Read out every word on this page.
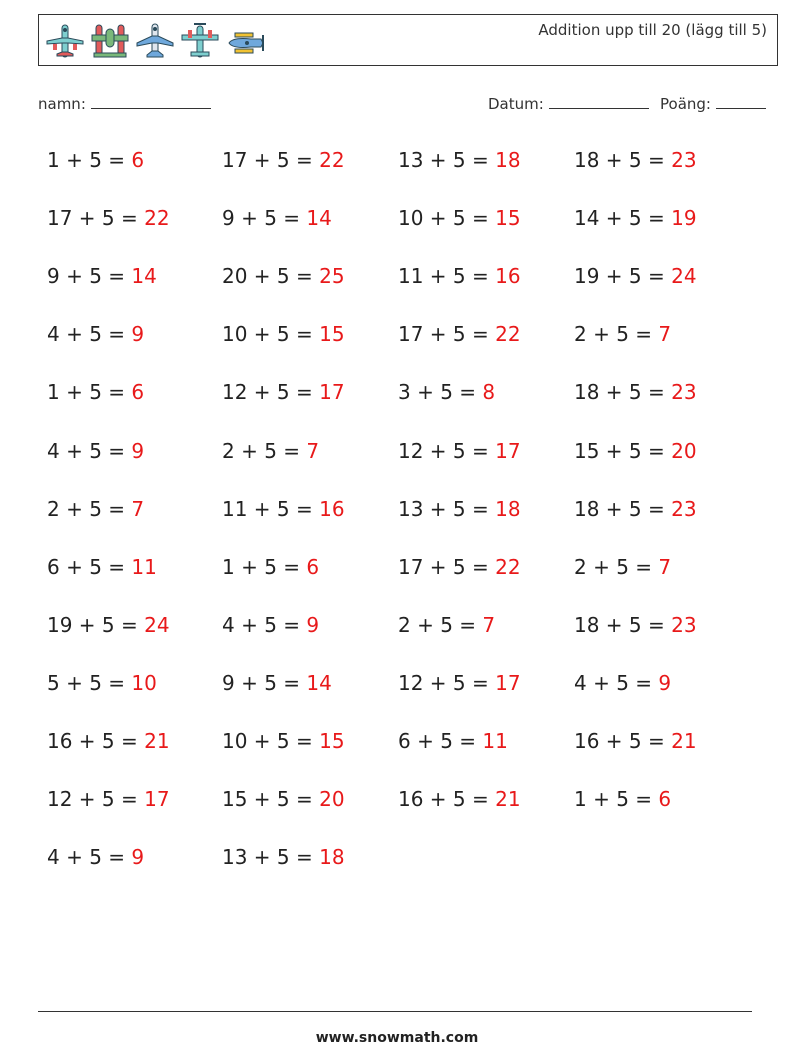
Addition upp till 20 (lägg till 5)
namn:	Datum:	Poäng:
1 + 5 = 6	17 + 5 = 22	13 + 5 = 18	18 + 5 = 23
17 + 5 = 22	9 + 5 = 14	10 + 5 = 15	14 + 5 = 19
9 + 5 = 14	20 + 5 = 25	11 + 5 = 16	19 + 5 = 24
4 + 5 = 9	10 + 5 = 15	17 + 5 = 22	2 + 5 = 7
1 + 5 = 6	12 + 5 = 17	3 + 5 = 8	18 + 5 = 23
4 + 5 = 9	2 + 5 = 7	12 + 5 = 17	15 + 5 = 20
2 + 5 = 7	11 + 5 = 16	13 + 5 = 18	18 + 5 = 23
6 + 5 = 11	1 + 5 = 6	17 + 5 = 22	2 + 5 = 7
19 + 5 = 24	4 + 5 = 9	2 + 5 = 7	18 + 5 = 23
5 + 5 = 10	9 + 5 = 14	12 + 5 = 17	4 + 5 = 9
16 + 5 = 21	10 + 5 = 15	6 + 5 = 11	16 + 5 = 21
12 + 5 = 17	15 + 5 = 20	16 + 5 = 21	1 + 5 = 6
4 + 5 = 9	13 + 5 = 18
www.snowmath.com
